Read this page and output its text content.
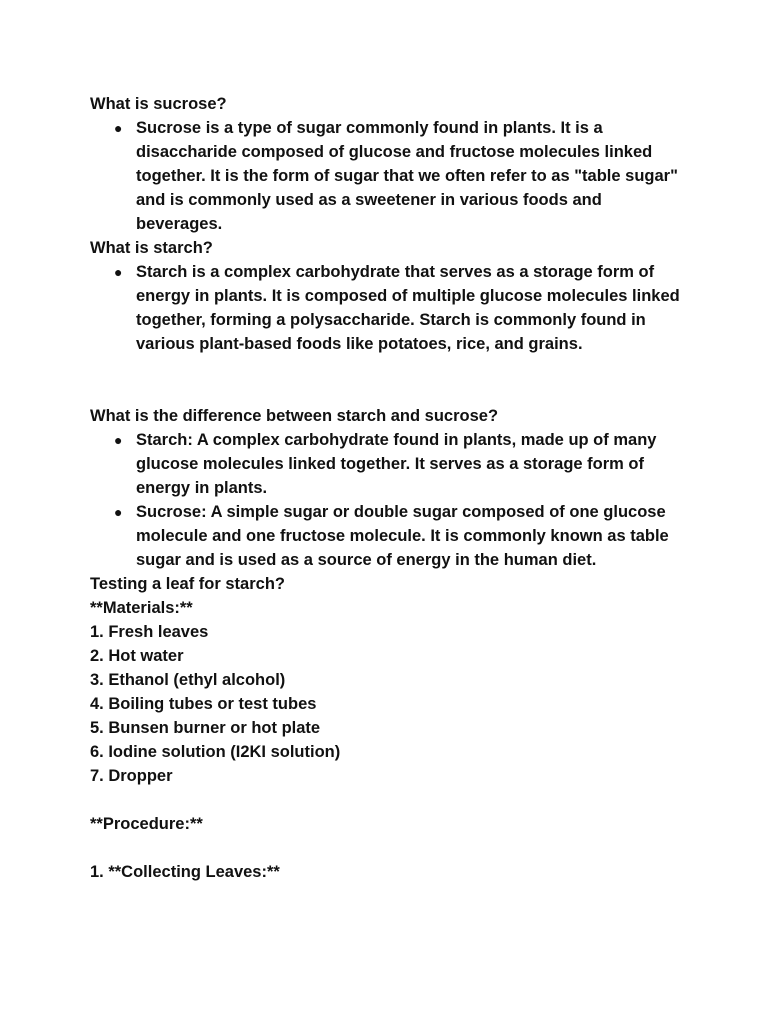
What is sucrose?
● Sucrose is a type of sugar commonly found in plants. It is a disaccharide composed of glucose and fructose molecules linked together. It is the form of sugar that we often refer to as "table sugar" and is commonly used as a sweetener in various foods and beverages.
What is starch?
● Starch is a complex carbohydrate that serves as a storage form of energy in plants. It is composed of multiple glucose molecules linked together, forming a polysaccharide. Starch is commonly found in various plant-based foods like potatoes, rice, and grains.
What is the difference between starch and sucrose?
● Starch: A complex carbohydrate found in plants, made up of many glucose molecules linked together. It serves as a storage form of energy in plants.
● Sucrose: A simple sugar or double sugar composed of one glucose molecule and one fructose molecule. It is commonly known as table sugar and is used as a source of energy in the human diet.
Testing a leaf for starch?
**Materials:**
1. Fresh leaves
2. Hot water
3. Ethanol (ethyl alcohol)
4. Boiling tubes or test tubes
5. Bunsen burner or hot plate
6. Iodine solution (I2KI solution)
7. Dropper
**Procedure:**
1. **Collecting Leaves:**
